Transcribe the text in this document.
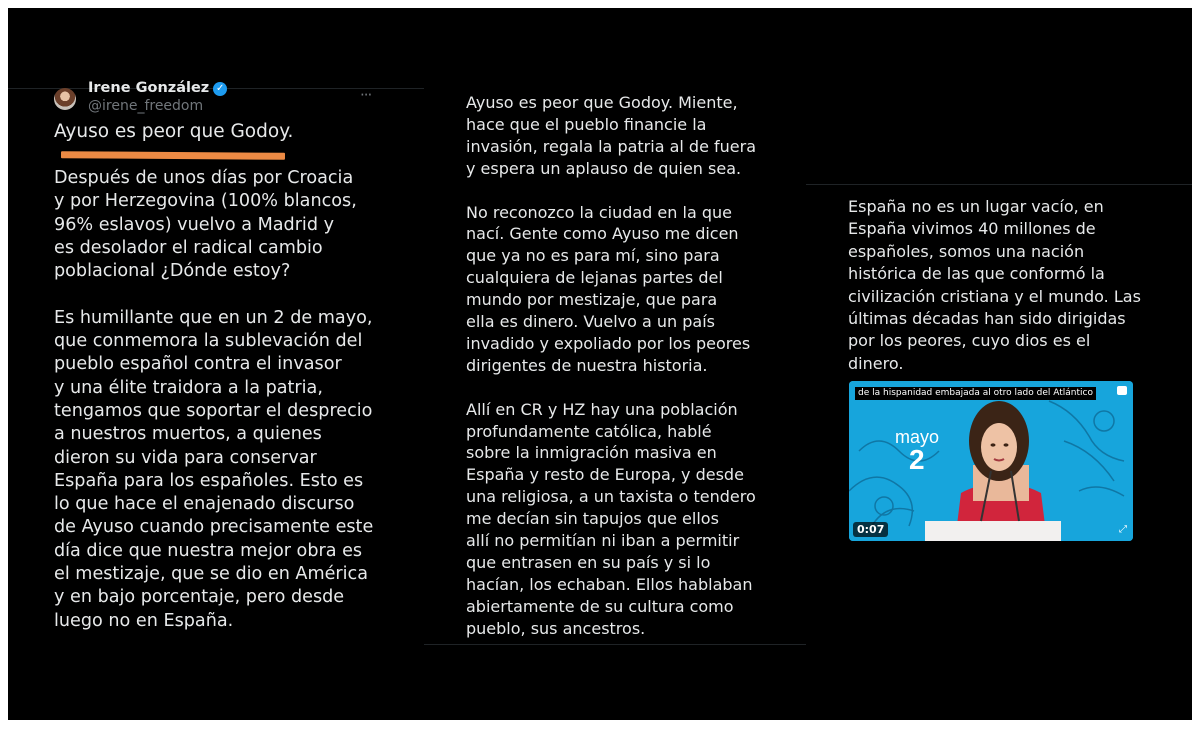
Irene González ✓
@irene_freedom
···
Ayuso es peor que Godoy.

Después de unos días por Croacia
y por Herzegovina (100% blancos,
96% eslavos) vuelvo a Madrid y
es desolador el radical cambio
poblacional ¿Dónde estoy?

Es humillante que en un 2 de mayo,
que conmemora la sublevación del
pueblo español contra el invasor
y una élite traidora a la patria,
tengamos que soportar el desprecio
a nuestros muertos, a quienes
dieron su vida para conservar
España para los españoles. Esto es
lo que hace el enajenado discurso
de Ayuso cuando precisamente este
día dice que nuestra mejor obra es
el mestizaje, que se dio en América
y en bajo porcentaje, pero desde
luego no en España.

Ayuso es peor que Godoy. Miente,
hace que el pueblo financie la
invasión, regala la patria al de fuera
y espera un aplauso de quien sea.

No reconozco la ciudad en la que
nací. Gente como Ayuso me dicen
que ya no es para mí, sino para
cualquiera de lejanas partes del
mundo por mestizaje, que para
ella es dinero. Vuelvo a un país
invadido y expoliado por los peores
dirigentes de nuestra historia.

Allí en CR y HZ hay una población
profundamente católica, hablé
sobre la inmigración masiva en
España y resto de Europa, y desde
una religiosa, a un taxista o tendero
me decían sin tapujos que ellos
allí no permitían ni iban a permitir
que entrasen en su país y si lo
hacían, los echaban. Ellos hablaban
abiertamente de su cultura como
pueblo, sus ancestros.

España no es un lugar vacío, en
España vivimos 40 millones de
españoles, somos una nación
histórica de las que conformó la
civilización cristiana y el mundo. Las
últimas décadas han sido dirigidas
por los peores, cuyo dios es el
dinero.

mayo
2
de la hispanidad embajada al otro lado del Atlántico
0:07	⤢
